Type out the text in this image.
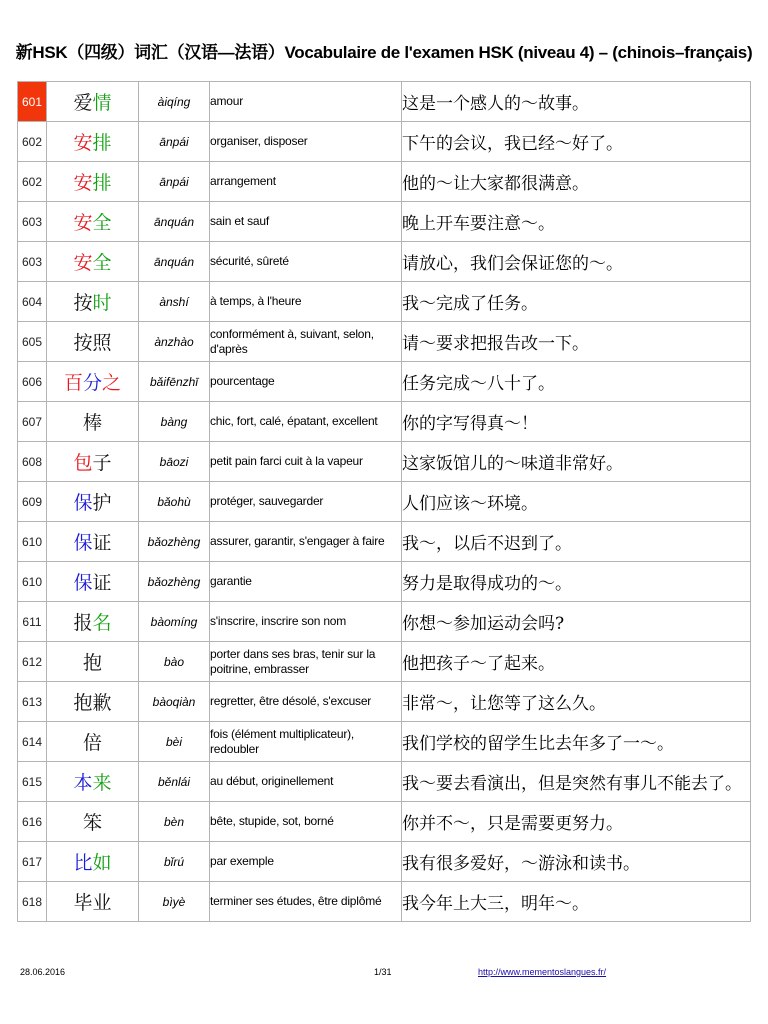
新HSK（四级）词汇（汉语—法语）Vocabulaire de l'examen HSK (niveau 4) – (chinois–français)
601	爱情	àiqíng	amour	这是一个感人的～故事。
602	安排	ānpái	organiser, disposer	下午的会议，我已经～好了。
602	安排	ānpái	arrangement	他的～让大家都很满意。
603	安全	ānquán	sain et sauf	晚上开车要注意～。
603	安全	ānquán	sécurité, sûreté	请放心，我们会保证您的～。
604	按时	ànshí	à temps, à l'heure	我～完成了任务。
605	按照	ànzhào	conformément à, suivant, selon, d'après	请～要求把报告改一下。
606	百分之	bǎifēnzhī	pourcentage	任务完成～八十了。
607	棒	bàng	chic, fort, calé, épatant, excellent	你的字写得真～！
608	包子	bāozi	petit pain farci cuit à la vapeur	这家饭馆儿的～味道非常好。
609	保护	bǎohù	protéger, sauvegarder	人们应该～环境。
610	保证	bǎozhèng	assurer, garantir, s'engager à faire	我～，以后不迟到了。
610	保证	bǎozhèng	garantie	努力是取得成功的～。
611	报名	bàomíng	s'inscrire, inscrire son nom	你想～参加运动会吗?
612	抱	bào	porter dans ses bras, tenir sur la poitrine, embrasser	他把孩子～了起来。
613	抱歉	bàoqiàn	regretter, être désolé, s'excuser	非常～，让您等了这么久。
614	倍	bèi	fois (élément multiplicateur), redoubler	我们学校的留学生比去年多了一～。
615	本来	běnlái	au début, originellement	我～要去看演出，但是突然有事儿不能去了。
616	笨	bèn	bête, stupide, sot, borné	你并不～，只是需要更努力。
617	比如	bǐrú	par exemple	我有很多爱好，～游泳和读书。
618	毕业	bìyè	terminer ses études, être diplômé	我今年上大三，明年～。
28.06.2016	1/31	http://www.mementoslangues.fr/
